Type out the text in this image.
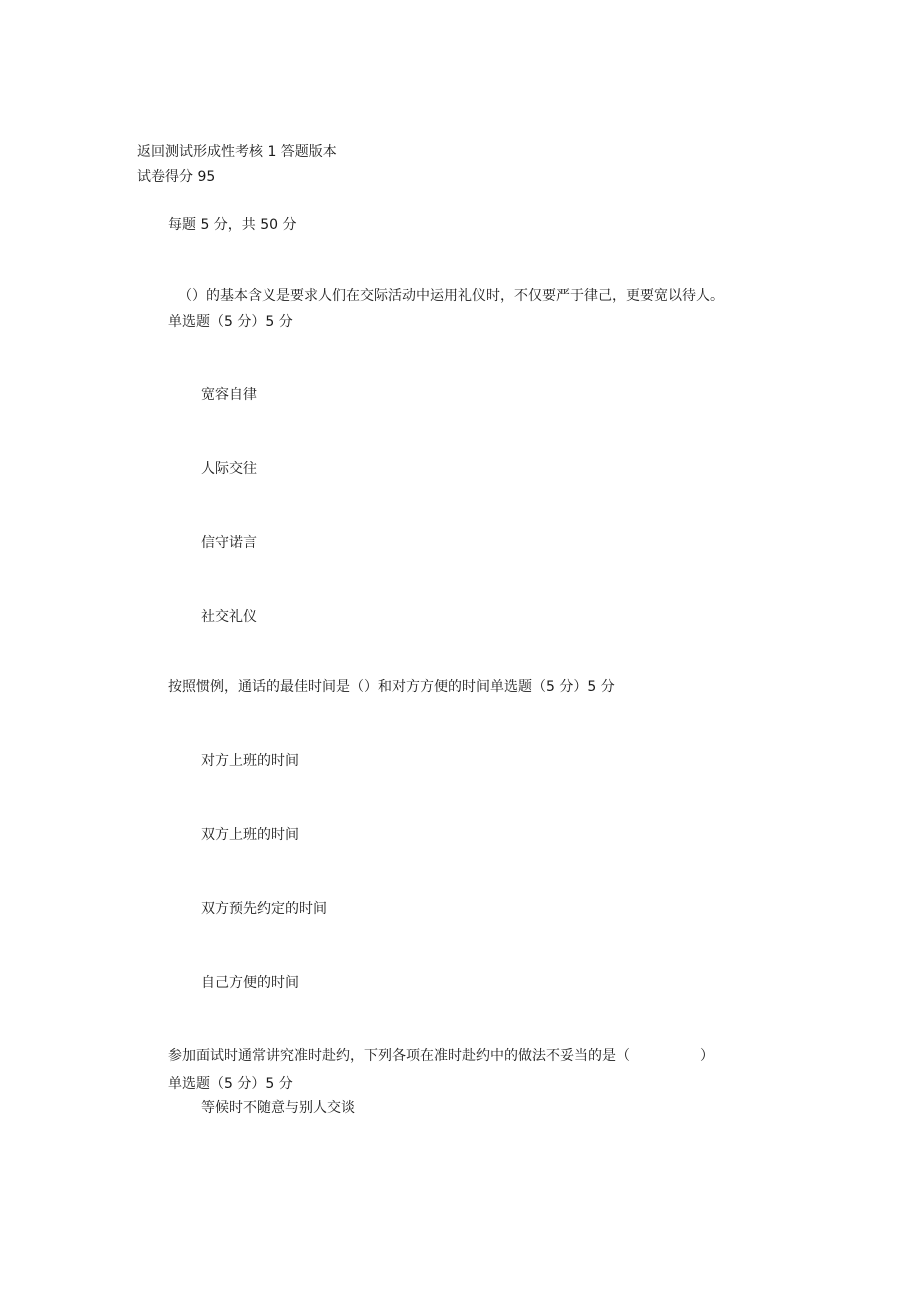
返回测试形成性考核 1 答题版本
试卷得分 95
每题 5 分，共 50 分
（）的基本含义是要求人们在交际活动中运用礼仪时，不仅要严于律己，更要宽以待人。
单选题（5 分）5 分
宽容自律
人际交往
信守诺言
社交礼仪
按照惯例，通话的最佳时间是（）和对方方便的时间单选题（5 分）5 分
对方上班的时间
双方上班的时间
双方预先约定的时间
自己方便的时间
参加面试时通常讲究准时赴约，下列各项在准时赴约中的做法不妥当的是（　　　　　）
单选题（5 分）5 分
等候时不随意与别人交谈
